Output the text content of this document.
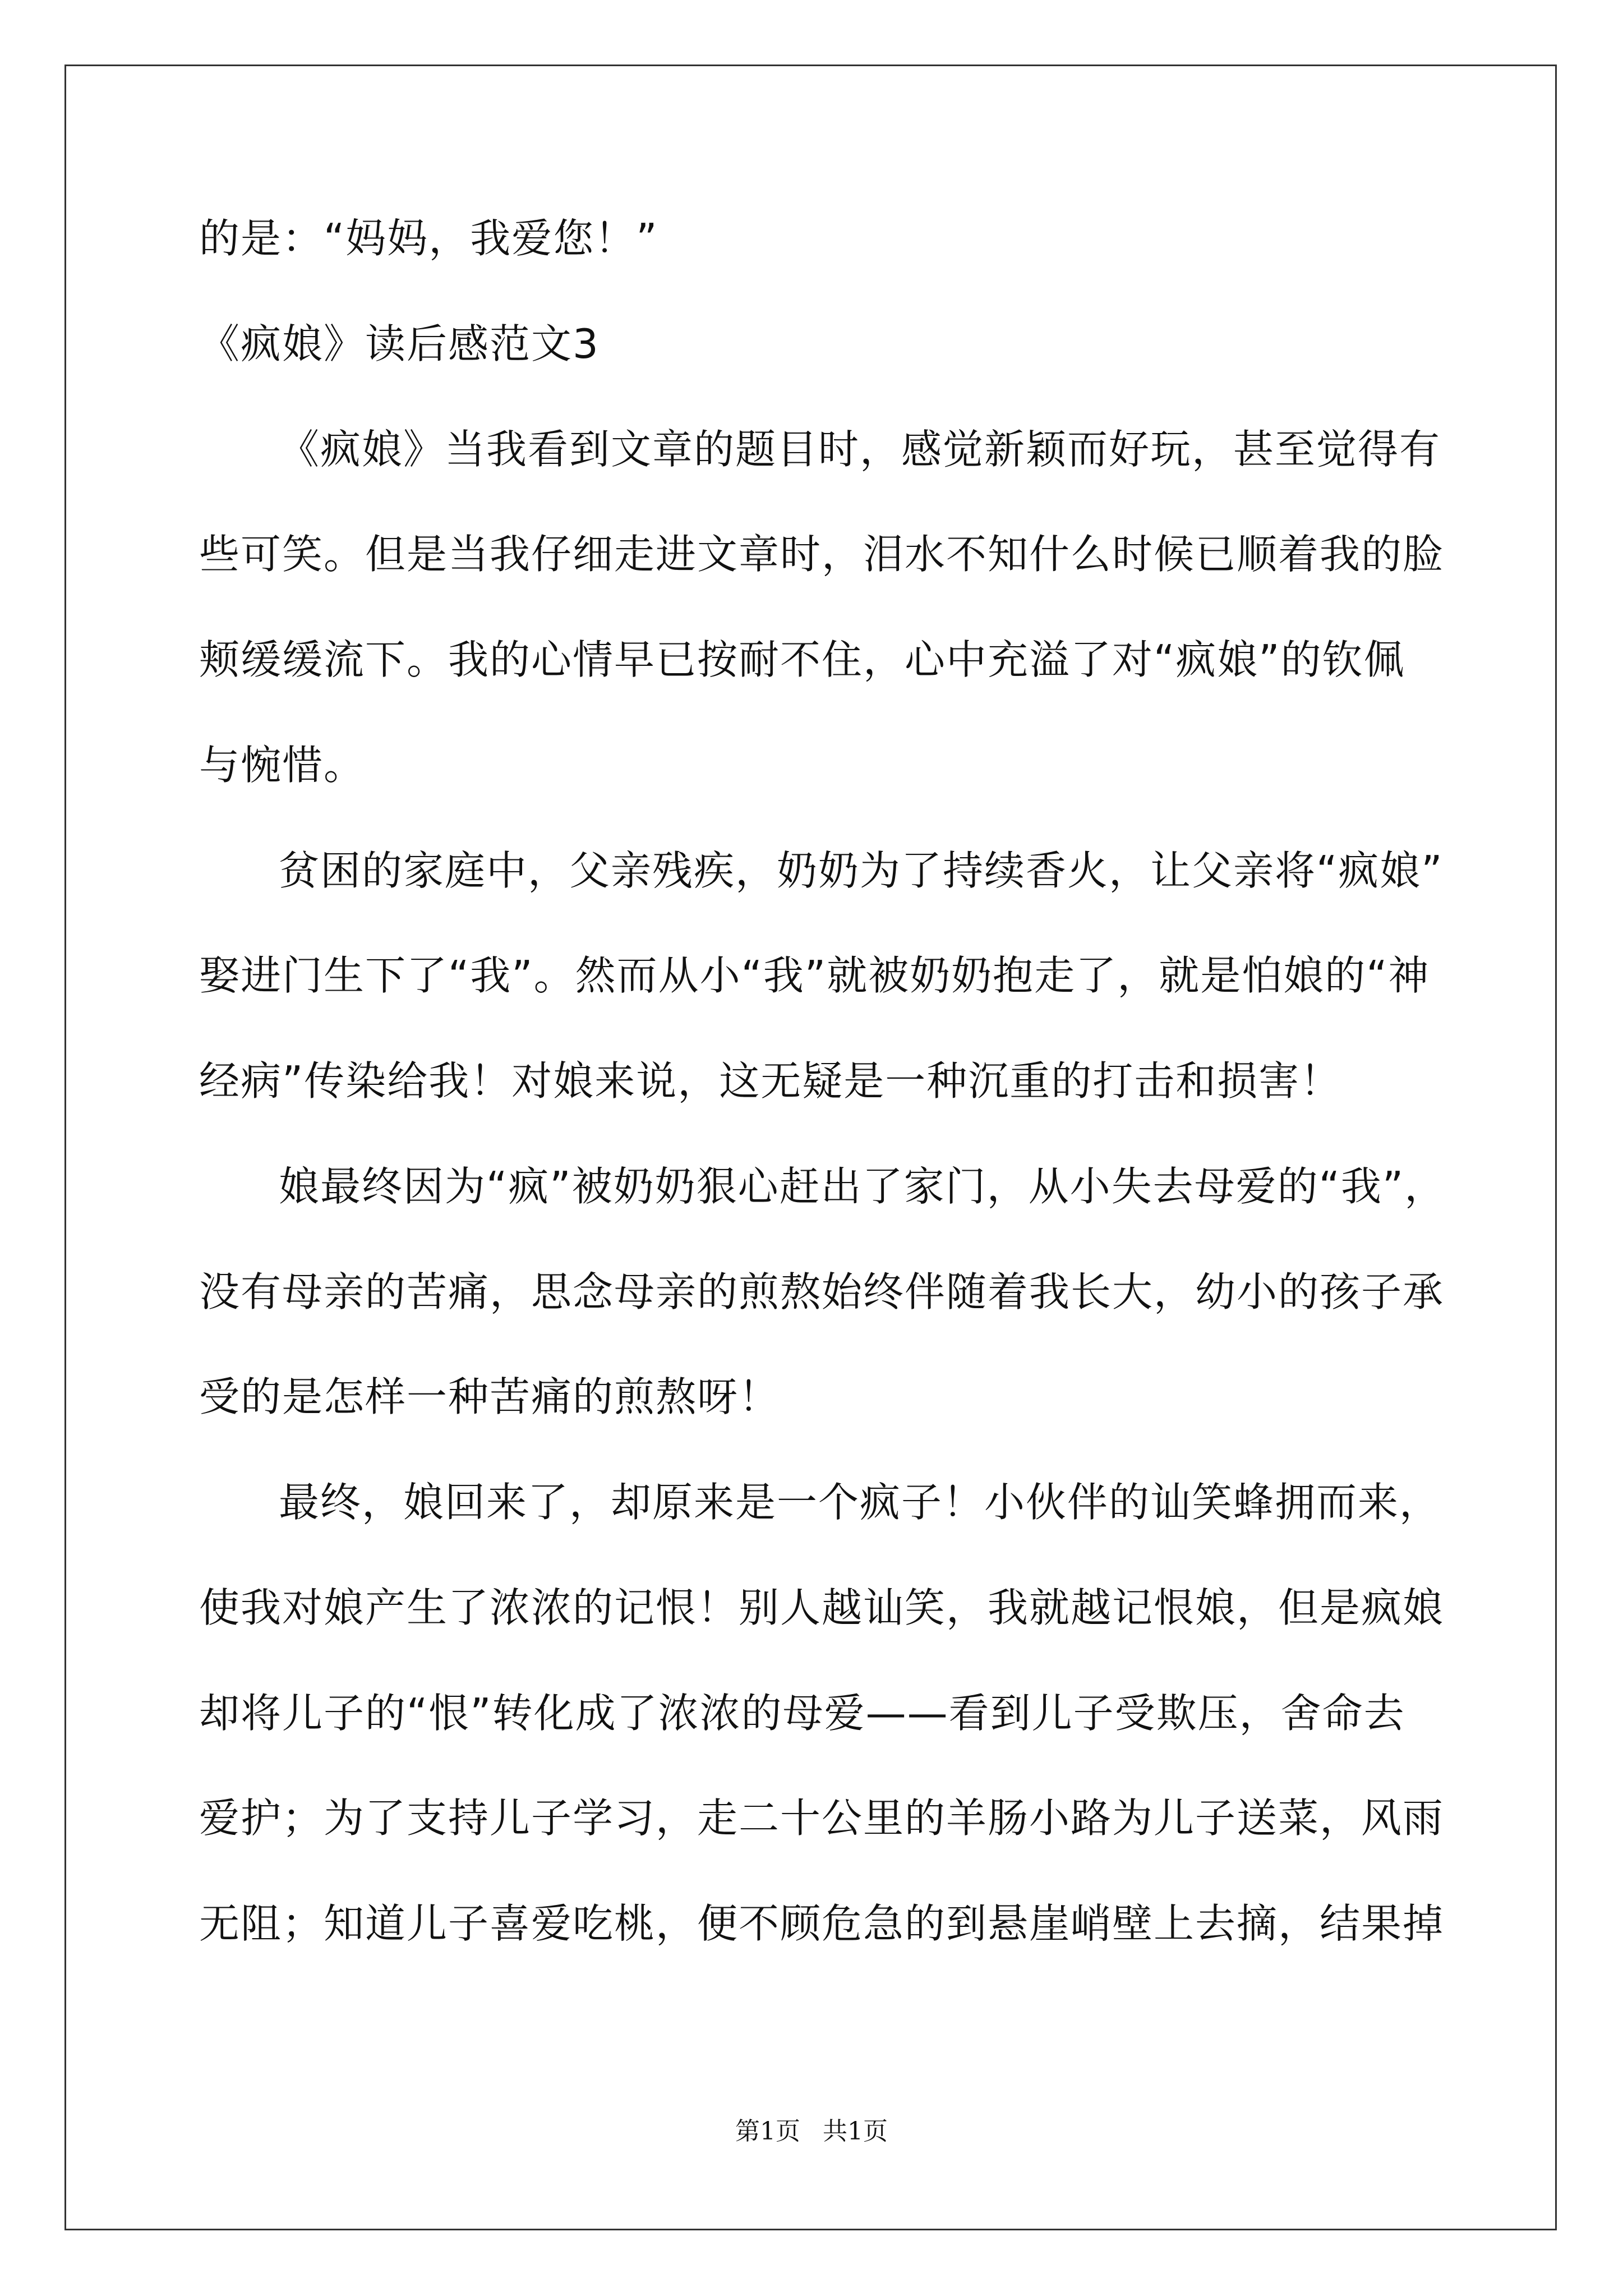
的是：“妈妈，我爱您！”
《疯娘》读后感范文3
《疯娘》当我看到文章的题目时，感觉新颖而好玩，甚至觉得有
些可笑。但是当我仔细走进文章时，泪水不知什么时候已顺着我的脸
颊缓缓流下。我的心情早已按耐不住，心中充溢了对“疯娘”的钦佩
与惋惜。
贫困的家庭中，父亲残疾，奶奶为了持续香火，让父亲将“疯娘”
娶进门生下了“我”。然而从小“我”就被奶奶抱走了，就是怕娘的“神
经病”传染给我！对娘来说，这无疑是一种沉重的打击和损害！
娘最终因为“疯”被奶奶狠心赶出了家门，从小失去母爱的“我”，
没有母亲的苦痛，思念母亲的煎熬始终伴随着我长大，幼小的孩子承
受的是怎样一种苦痛的煎熬呀！
最终，娘回来了，却原来是一个疯子！小伙伴的讪笑蜂拥而来，
使我对娘产生了浓浓的记恨！别人越讪笑，我就越记恨娘，但是疯娘
却将儿子的“恨”转化成了浓浓的母爱——看到儿子受欺压，舍命去
爱护；为了支持儿子学习，走二十公里的羊肠小路为儿子送菜，风雨
无阻；知道儿子喜爱吃桃，便不顾危急的到悬崖峭壁上去摘，结果掉
第1页 共1页
